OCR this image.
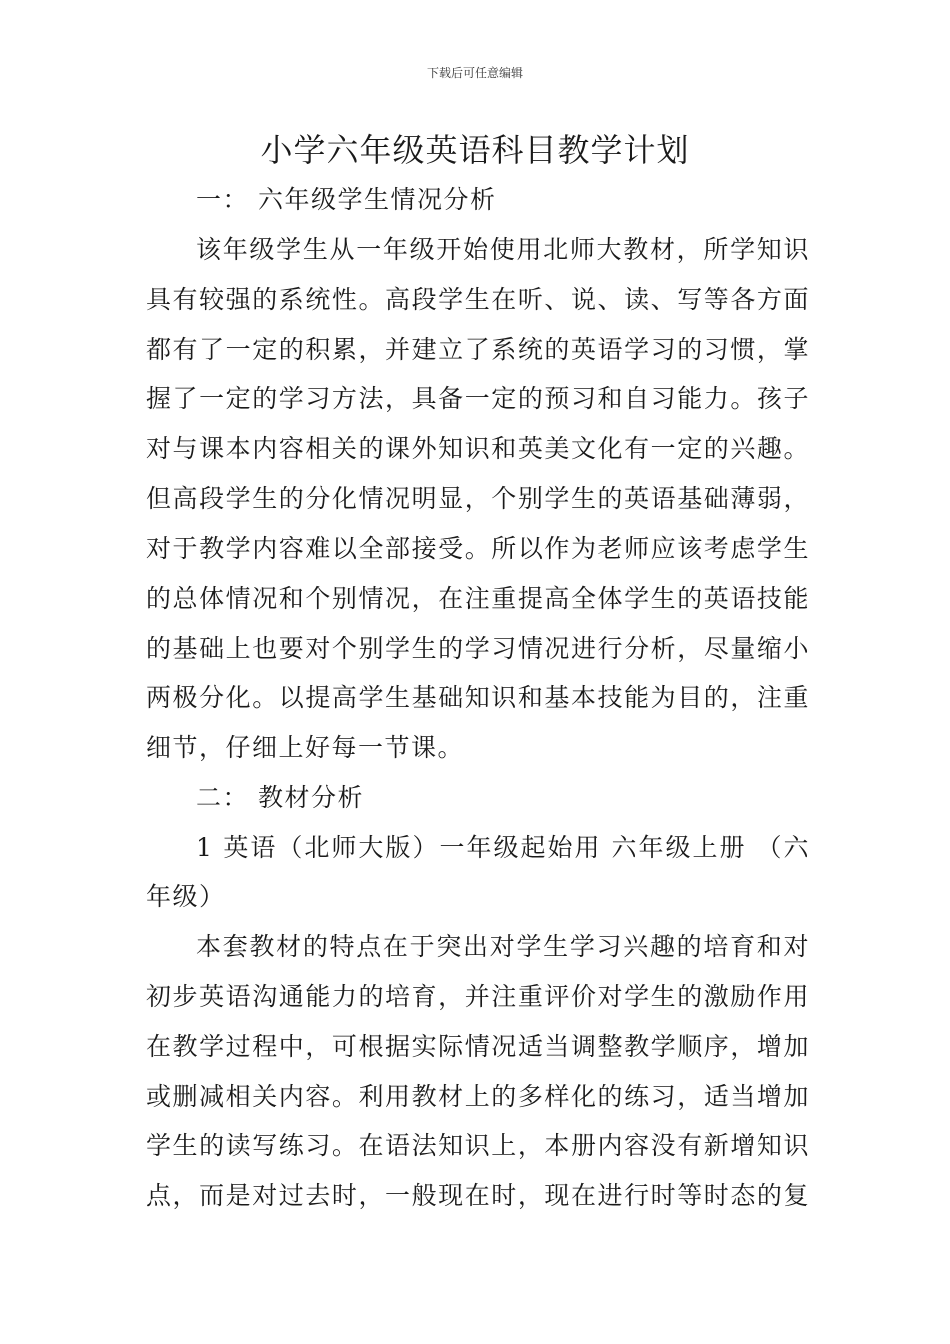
下载后可任意编辑
小学六年级英语科目教学计划
一： 六年级学生情况分析
该年级学生从一年级开始使用北师大教材，所学知识
具有较强的系统性。高段学生在听、说、读、写等各方面
都有了一定的积累，并建立了系统的英语学习的习惯，掌
握了一定的学习方法，具备一定的预习和自习能力。孩子
对与课本内容相关的课外知识和英美文化有一定的兴趣。
但高段学生的分化情况明显，个别学生的英语基础薄弱，
对于教学内容难以全部接受。所以作为老师应该考虑学生
的总体情况和个别情况，在注重提高全体学生的英语技能
的基础上也要对个别学生的学习情况进行分析，尽量缩小
两极分化。以提高学生基础知识和基本技能为目的，注重
细节，仔细上好每一节课。
二： 教材分析
1 英语（北师大版）一年级起始用 六年级上册 （六
年级）
本套教材的特点在于突出对学生学习兴趣的培育和对
初步英语沟通能力的培育，并注重评价对学生的激励作用
在教学过程中，可根据实际情况适当调整教学顺序，增加
或删减相关内容。利用教材上的多样化的练习，适当增加
学生的读写练习。在语法知识上，本册内容没有新增知识
点，而是对过去时，一般现在时，现在进行时等时态的复
